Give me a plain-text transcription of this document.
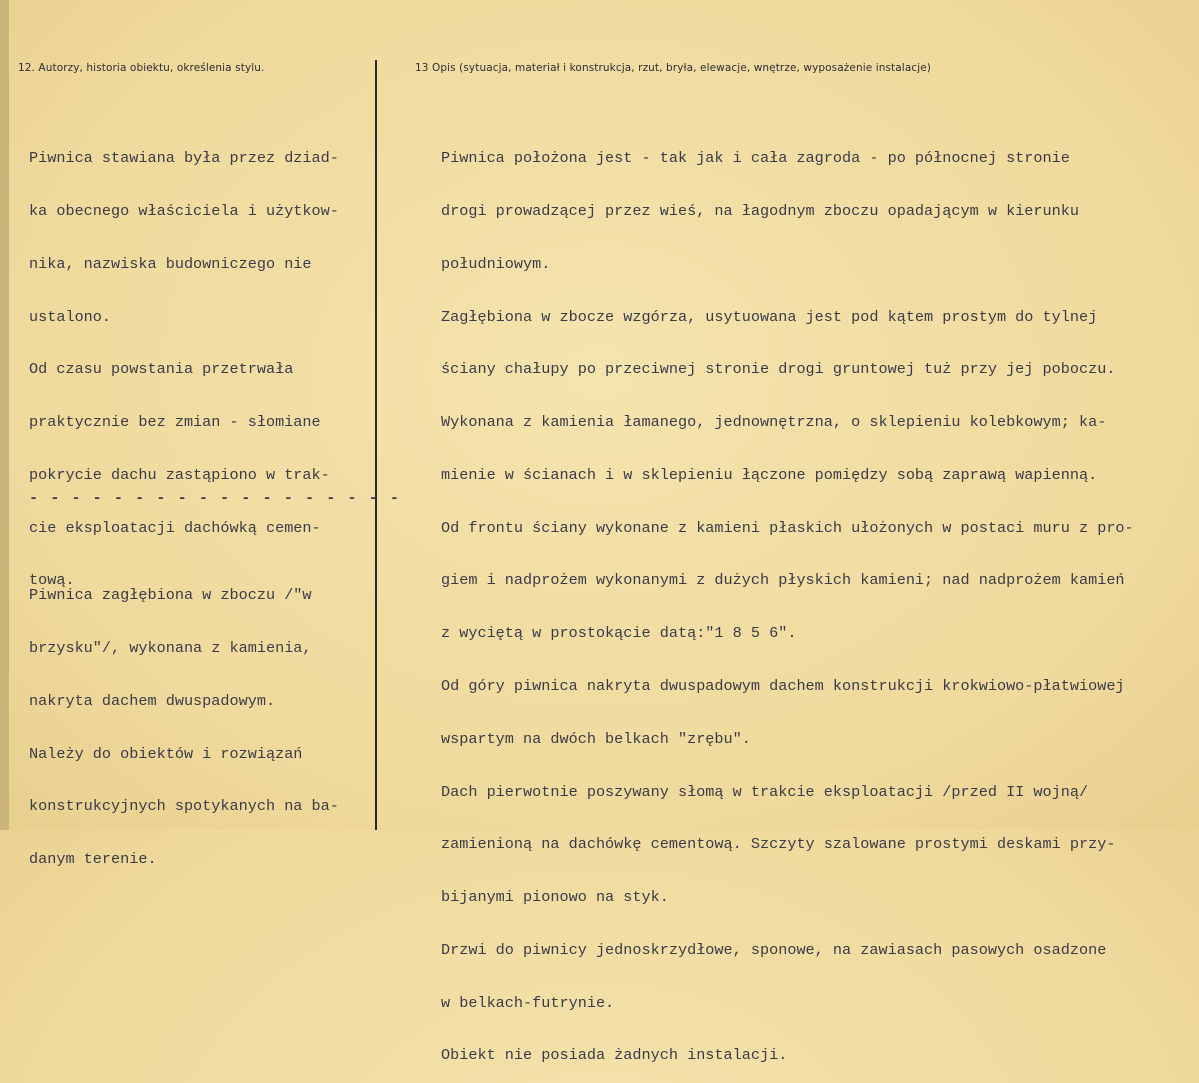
12. Autorzy, historia obiektu, określenia stylu.	13 Opis (sytuacja, materiał i konstrukcja, rzut, bryła, elewacje, wnętrze, wyposażenie instalacje)

Piwnica stawiana była przez dziad-

ka obecnego właściciela i użytkow-

nika, nazwiska budowniczego nie

ustalono.

Od czasu powstania przetrwała

praktycznie bez zmian - słomiane

pokrycie dachu zastąpiono w trak-

cie eksploatacji dachówką cemen-

tową.

- - - - - - - - - - - - - - - - - -

Piwnica zagłębiona w zboczu /"w

brzysku"/, wykonana z kamienia,

nakryta dachem dwuspadowym.

Należy do obiektów i rozwiązań

konstrukcyjnych spotykanych na ba-

danym terenie.

Piwnica położona jest - tak jak i cała zagroda - po północnej stronie

drogi prowadzącej przez wieś, na łagodnym zboczu opadającym w kierunku

południowym.

Zagłębiona w zbocze wzgórza, usytuowana jest pod kątem prostym do tylnej

ściany chałupy po przeciwnej stronie drogi gruntowej tuż przy jej poboczu.

Wykonana z kamienia łamanego, jednownętrzna, o sklepieniu kolebkowym; ka-

mienie w ścianach i w sklepieniu łączone pomiędzy sobą zaprawą wapienną.

Od frontu ściany wykonane z kamieni płaskich ułożonych w postaci muru z pro-

giem i nadprożem wykonanymi z dużych płyskich kamieni; nad nadprożem kamień

z wyciętą w prostokącie datą:"1 8 5 6".

Od góry piwnica nakryta dwuspadowym dachem konstrukcji krokwiowo-płatwiowej

wspartym na dwóch belkach "zrębu".

Dach pierwotnie poszywany słomą w trakcie eksploatacji /przed II wojną/

zamienioną na dachówkę cementową. Szczyty szalowane prostymi deskami przy-

bijanymi pionowo na styk.

Drzwi do piwnicy jednoskrzydłowe, sponowe, na zawiasach pasowych osadzone

w belkach-futrynie.

Obiekt nie posiada żadnych instalacji.
